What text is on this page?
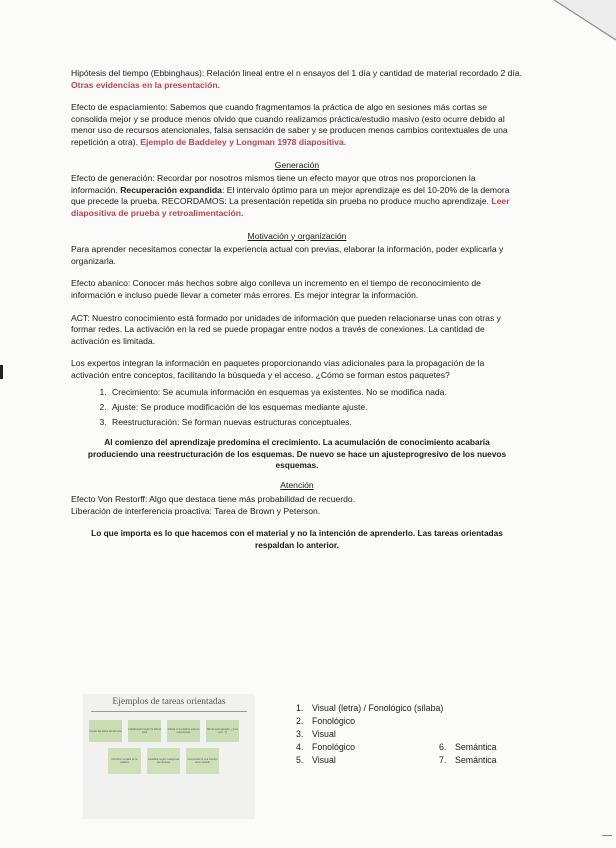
Hipótesis del tiempo (Ebbinghaus): Relación lineal entre el n ensayos del 1 día y cantidad de material recordado 2 día. Otras evidencias en la presentación.

Efecto de espaciamiento: Sabemos que cuando fragmentamos la práctica de algo en sesiones más cortas se consolida mejor y se produce menos olvido que cuando realizamos práctica/estudio masivo (esto ocurre debido al menor uso de recursos atencionales, falsa sensación de saber y se producen menos cambios contextuales de una repetición a otra). Ejemplo de Baddeley y Longman 1978 diapositiva.

Generación

Efecto de generación: Recordar por nosotros mismos tiene un efecto mayor que otros nos proporcionen la información. Recuperación expandida: El intervalo óptimo para un mejor aprendizaje es del 10-20% de la demora que precede la prueba. RECORDAMOS: La presentación repetida sin prueba no produce mucho aprendizaje. Leer diapositiva de prueba y retroalimentación.

Motivación y organización

Para aprender necesitamos conectar la experiencia actual con previas, elaborar la información, poder explicarla y organizarla.

Efecto abanico: Conocer más hechos sobre algo conlleva un incremento en el tiempo de reconocimiento de información e incluso puede llevar a cometer más errores. Es mejor integrar la información.

ACT: Nuestro conocimiento está formado por unidades de información que pueden relacionarse unas con otras y formar redes. La activación en la red se puede propagar entre nodos a través de conexiones. La cantidad de activación es limitada.

Los expertos integran la información en paquetes proporcionando vías adicionales para la propagación de la activación entre conceptos, facilitando la búsqueda y el acceso. ¿Cómo se forman estos paquetes?

1. Crecimiento: Se acumula información en esquemas ya existentes. No se modifica nada.
2. Ajuste: Se produce modificación de los esquemas mediante ajuste.
3. Reestructuración: Se forman nuevas estructuras conceptuales.

Al comienzo del aprendizaje predomina el crecimiento. La acumulación de conocimiento acabaría produciendo una reestructuración de los esquemas. De nuevo se hace un ajusteprogresivo de los nuevos esquemas.

Atención

Efecto Von Restorff: Algo que destaca tiene más probabilidad de recuerdo.

Liberación de interferencia proactiva: Tarea de Brown y Peterson.

Lo que importa es lo que hacemos con el material y no la intención de aprenderlo. Las tareas orientadas respaldan lo anterior.

Ejemplos de tareas orientadas
Contar las letras del término Clasificación según la última letra
Indicar si la palabra está en mayúsculas
Rimas (por ejemplo, ¿rima con...?)
Nombrar vocales de la palabra
Clasificar según categorías semánticas
Comprobar si una oración tiene sentido
1. Visual (letra) / Fonológico (sílaba)
2. Fonológico
3. Visual
4. Fonológico
5. Visual
6. Semántica
7. Semántica
